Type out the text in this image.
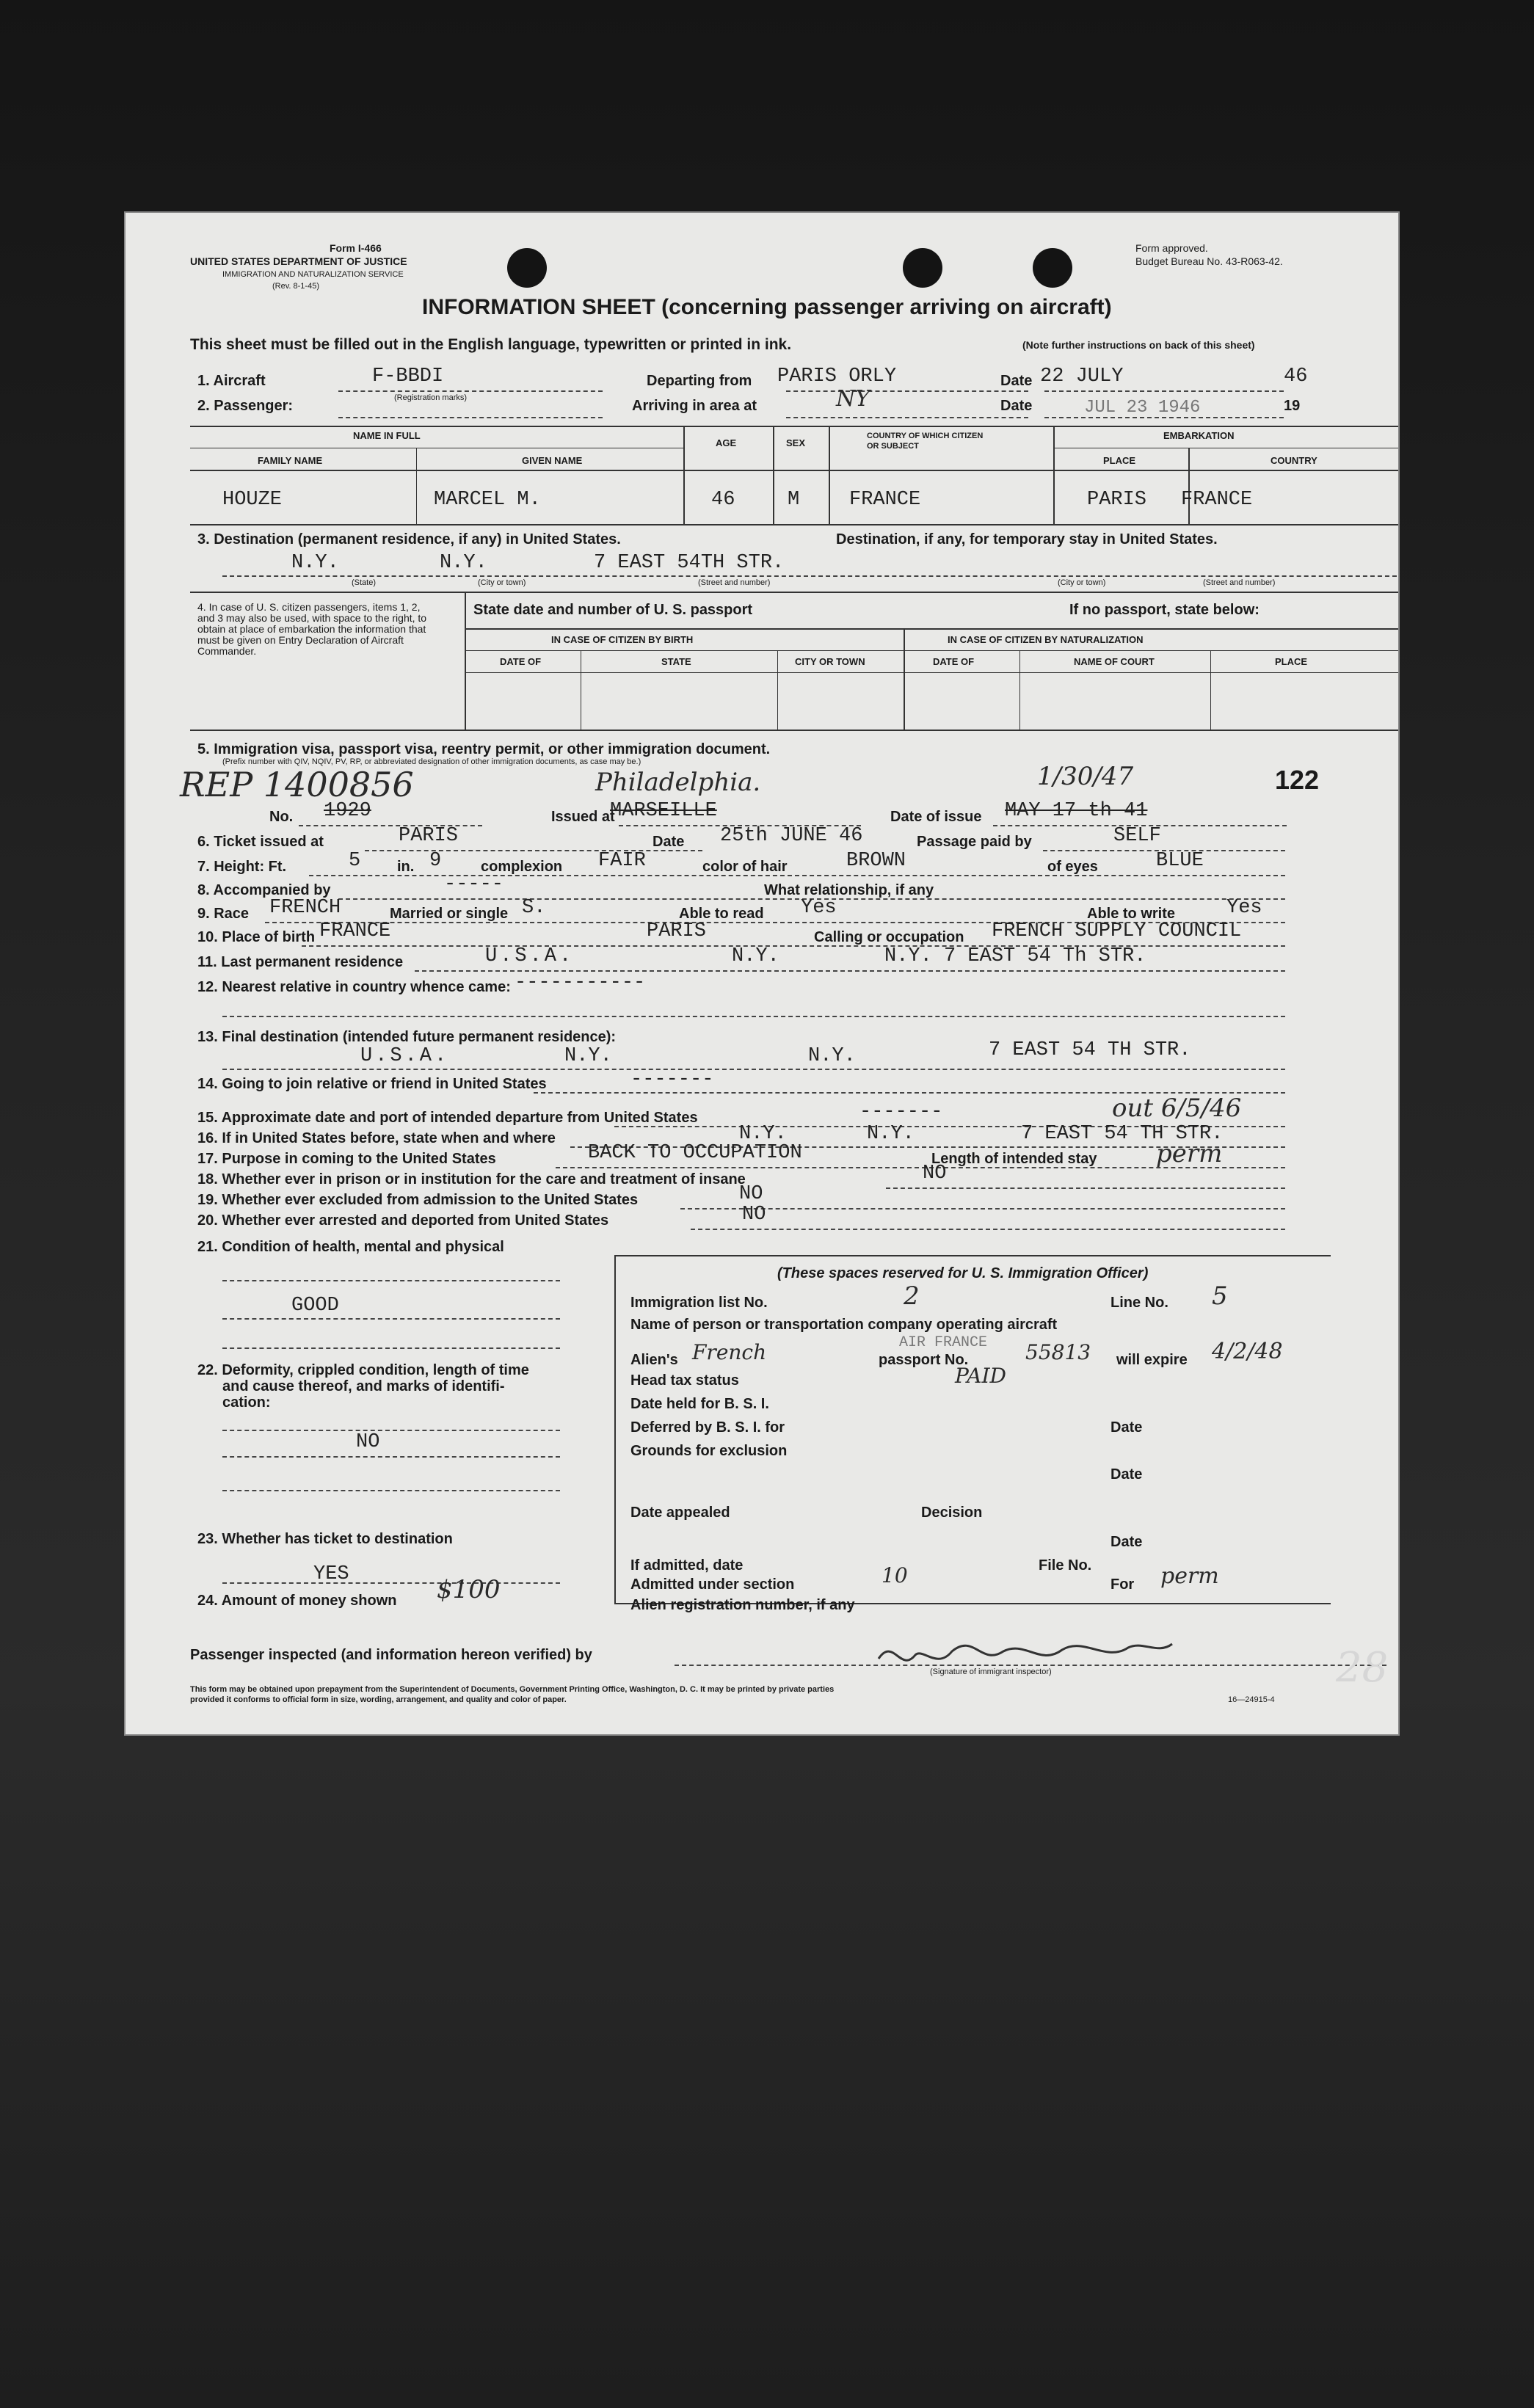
Form I-466
UNITED STATES DEPARTMENT OF JUSTICE
IMMIGRATION AND NATURALIZATION SERVICE
(Rev. 8-1-45)
Form approved.
Budget Bureau No. 43-R063-42.
INFORMATION SHEET (concerning passenger arriving on aircraft)
This sheet must be filled out in the English language, typewritten or printed in ink.	(Note further instructions on back of this sheet)
1. Aircraft	F-BBDI
(Registration marks)
Departing from PARIS ORLY	Date 22 JULY	46
2. Passenger:	Arriving in area at	NY	Date	JUL 23 1946	19
NAME IN FULL
FAMILY NAME	GIVEN NAME
AGE	SEX
COUNTRY OF WHICH CITIZEN
OR SUBJECT
EMBARKATION
PLACE	COUNTRY
HOUZE	MARCEL M.	46	M	FRANCE	PARIS FRANCE
3. Destination (permanent residence, if any) in United States.	Destination, if any, for temporary stay in United States.
N.Y.	N.Y.	7 EAST 54TH STR.
(State)	(City or town)	(Street and number)	(City or town)	(Street and number)
4. In case of U. S. citizen passengers, items 1, 2, and 3 may also be used, with space to the right, to obtain at place of embarkation the information that must be given on Entry Declaration of Aircraft Commander.
State date and number of U. S. passport	If no passport, state below:
IN CASE OF CITIZEN BY BIRTH	IN CASE OF CITIZEN BY NATURALIZATION
DATE OF	STATE	CITY OR TOWN	DATE OF	NAME OF COURT	PLACE
5. Immigration visa, passport visa, reentry permit, or other immigration document.
(Prefix number with QIV, NQIV, PV, RP, or abbreviated designation of other immigration documents, as case may be.)
REP 1400856	Philadelphia.	1/30/47	122
No. 1929	Issued at
MARSEILLE	Date of issue MAY 17 th 41
6. Ticket issued at	PARIS	Date 25th JUNE 46	Passage paid by	SELF
7. Height: Ft.	5 in. 9	complexion FAIR	color of hair	BROWN	of eyes	BLUE
8. Accompanied by	-----	What relationship, if any
9. Race FRENCH	Married or single S.	Able to read Yes	Able to write	Yes
10. Place of birth FRANCE	PARIS	Calling or occupation FRENCH SUPPLY COUNCIL
11. Last permanent residence	U.S.A.	N.Y.	N.Y. 7 EAST 54 Th STR.
12. Nearest relative in country whence came: -----------
13. Final destination (intended future permanent residence):
U.S.A.	N.Y.	N.Y.	7 EAST 54 TH STR.
14. Going to join relative or friend in United States	-------
15. Approximate date and port of intended departure from United States	-------	out 6/5/46
16. If in United States before, state when and where	N.Y.	N.Y.	7 EAST 54 TH STR.
17. Purpose in coming to the United States	BACK TO OCCUPATION	Length of intended stay perm
18. Whether ever in prison or in institution for the care and treatment of insane	NO
19. Whether ever excluded from admission to the United States	NO
20. Whether ever arrested and deported from United States	NO
21. Condition of health, mental and physical
GOOD
22. Deformity, crippled condition, length of time
and cause thereof, and marks of identifi-
cation:
NO
23. Whether has ticket to destination
YES
24. Amount of money shown $100
(These spaces reserved for U. S. Immigration Officer)
Immigration list No.	2	Line No. 5
Name of person or transportation company operating aircraft
AIR FRANCE
Alien's French	passport No.	55813 will expire 4/2/48
Head tax status	PAID
Date held for B. S. I.
Deferred by B. S. I. for	Date
Grounds for exclusion
Date
Date appealed	Decision
Date
If admitted, date	File No.
Admitted under section	10	For perm
Alien registration number, if any
Passenger inspected (and information hereon verified) by
(Signature of immigrant inspector)
This form may be obtained upon prepayment from the Superintendent of Documents, Government Printing Office, Washington, D. C. It may be printed by private parties
provided it conforms to official form in size, wording, arrangement, and quality and color of paper.	16—24915-4
28
